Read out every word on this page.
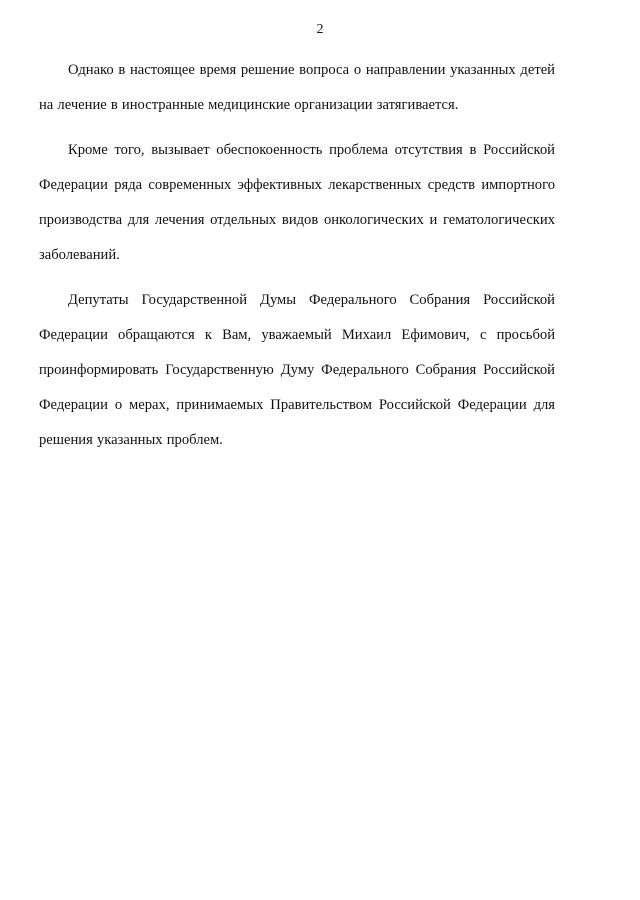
2

Однако в настоящее время решение вопроса о направлении указанных детей на лечение в иностранные медицинские организации затягивается.

Кроме того, вызывает обеспокоенность проблема отсутствия в Российской Федерации ряда современных эффективных лекарственных средств импортного производства для лечения отдельных видов онкологических и гематологических заболеваний.

Депутаты Государственной Думы Федерального Собрания Российской Федерации обращаются к Вам, уважаемый Михаил Ефимович, с просьбой проинформировать Государственную Думу Федерального Собрания Российской Федерации о мерах, принимаемых Правительством Российской Федерации для решения указанных проблем.
